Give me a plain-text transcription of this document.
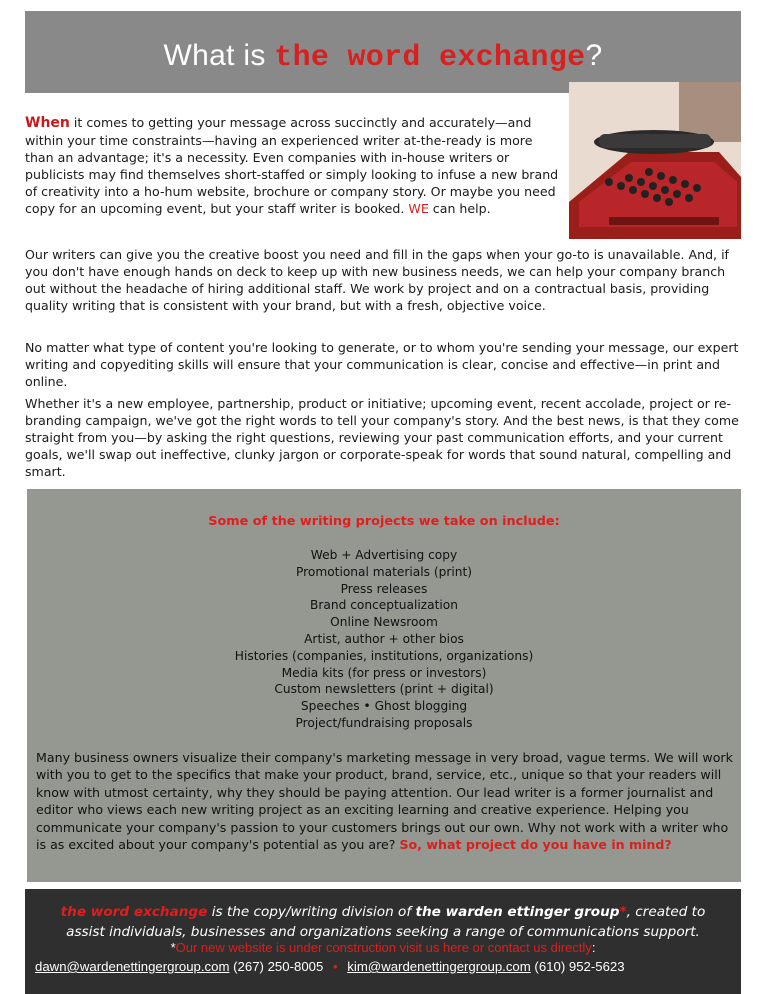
What is the word exchange?
When it comes to getting your message across succinctly and accurately—and within your time constraints—having an experienced writer at-the-ready is more than an advantage; it's a necessity. Even companies with in-house writers or publicists may find themselves short-staffed or simply looking to infuse a new brand of creativity into a ho-hum website, brochure or company story. Or maybe you need copy for an upcoming event, but your staff writer is booked. WE can help.
Our writers can give you the creative boost you need and fill in the gaps when your go-to is unavailable. And, if you don't have enough hands on deck to keep up with new business needs, we can help your company branch out without the headache of hiring additional staff. We work by project and on a contractual basis, providing quality writing that is consistent with your brand, but with a fresh, objective voice.
No matter what type of content you're looking to generate, or to whom you're sending your message, our expert writing and copyediting skills will ensure that your communication is clear, concise and effective—in print and online.
Whether it's a new employee, partnership, product or initiative; upcoming event, recent accolade, project or re-branding campaign, we've got the right words to tell your company's story. And the best news, is that they come straight from you—by asking the right questions, reviewing your past communication efforts, and your current goals, we'll swap out ineffective, clunky jargon or corporate-speak for words that sound natural, compelling and smart.
Some of the writing projects we take on include:
Web + Advertising copy
Promotional materials (print)
Press releases
Brand conceptualization
Online Newsroom
Artist, author + other bios
Histories (companies, institutions, organizations)
Media kits (for press or investors)
Custom newsletters (print + digital)
Speeches • Ghost blogging
Project/fundraising proposals
Many business owners visualize their company's marketing message in very broad, vague terms. We will work with you to get to the specifics that make your product, brand, service, etc., unique so that your readers will know with utmost certainty, why they should be paying attention. Our lead writer is a former journalist and editor who views each new writing project as an exciting learning and creative experience. Helping you communicate your company's passion to your customers brings out our own. Why not work with a writer who is as excited about your company's potential as you are? So, what project do you have in mind?
the word exchange is the copy/writing division of the warden ettinger group*, created to assist individuals, businesses and organizations seeking a range of communications support.
*Our new website is under construction visit us here or contact us directly:
dawn@wardenettingergroup.com (267) 250-8005 • kim@wardenettingergroup.com (610) 952-5623
